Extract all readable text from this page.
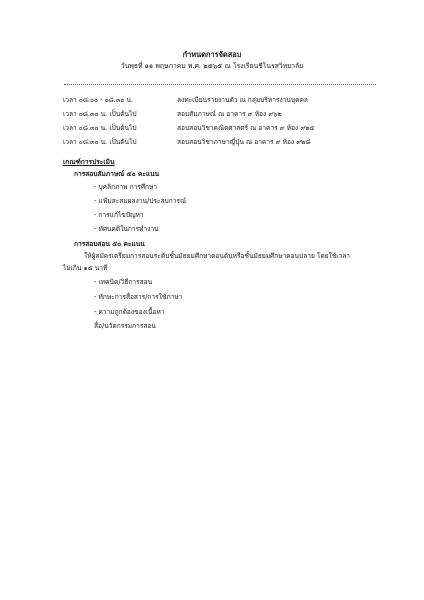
กำหนดการจัดสอบ
วันพุธที่ ๑๑ พฤษภาคม พ.ศ. ๒๕๖๕ ณ โรงเรียนชีโนรสวิทยาลัย
เวลา ๐๘.๐๐ - ๐๘.๓๐ น.	ลงทะเบียนรายงานตัว ณ กลุ่มบริหารงานบุคคล
เวลา ๐๘.๓๐ น. เป็นต้นไป	สอบสัมภาษณ์ ณ อาคาร ๙ ห้อง ๙๖๒
เวลา ๐๘.๓๐ น. เป็นต้นไป	สอบสอนวิชาคณิตศาสตร์ ณ อาคาร ๙ ห้อง ๙๒๕
เวลา ๐๘.๓๐ น. เป็นต้นไป	สอบสอนวิชาภาษาญี่ปุ่น ณ อาคาร ๙ ห้อง ๙๒๘
เกณฑ์การประเมิน
การสอบสัมภาษณ์ ๕๐ คะแนน
- บุคลิกภาพ การศึกษา
- แฟ้มสะสมผลงาน/ประสบการณ์
- การแก้ไขปัญหา
- ทัศนคติในการทำงาน
การสอบสอน ๕๐ คะแนน
ให้ผู้สมัครเตรียมการสอนระดับชั้นมัธยมศึกษาตอนต้นหรือชั้นมัธยมศึกษาตอนปลาย โดยใช้เวลา
ไม่เกิน ๑๕ นาที
- เทคนิค/วิธีการสอน
- ทักษะการสื่อสาร/การใช้ภาษา
- ความถูกต้องของเนื้อหา
สื่อ/นวัตกรรมการสอน
